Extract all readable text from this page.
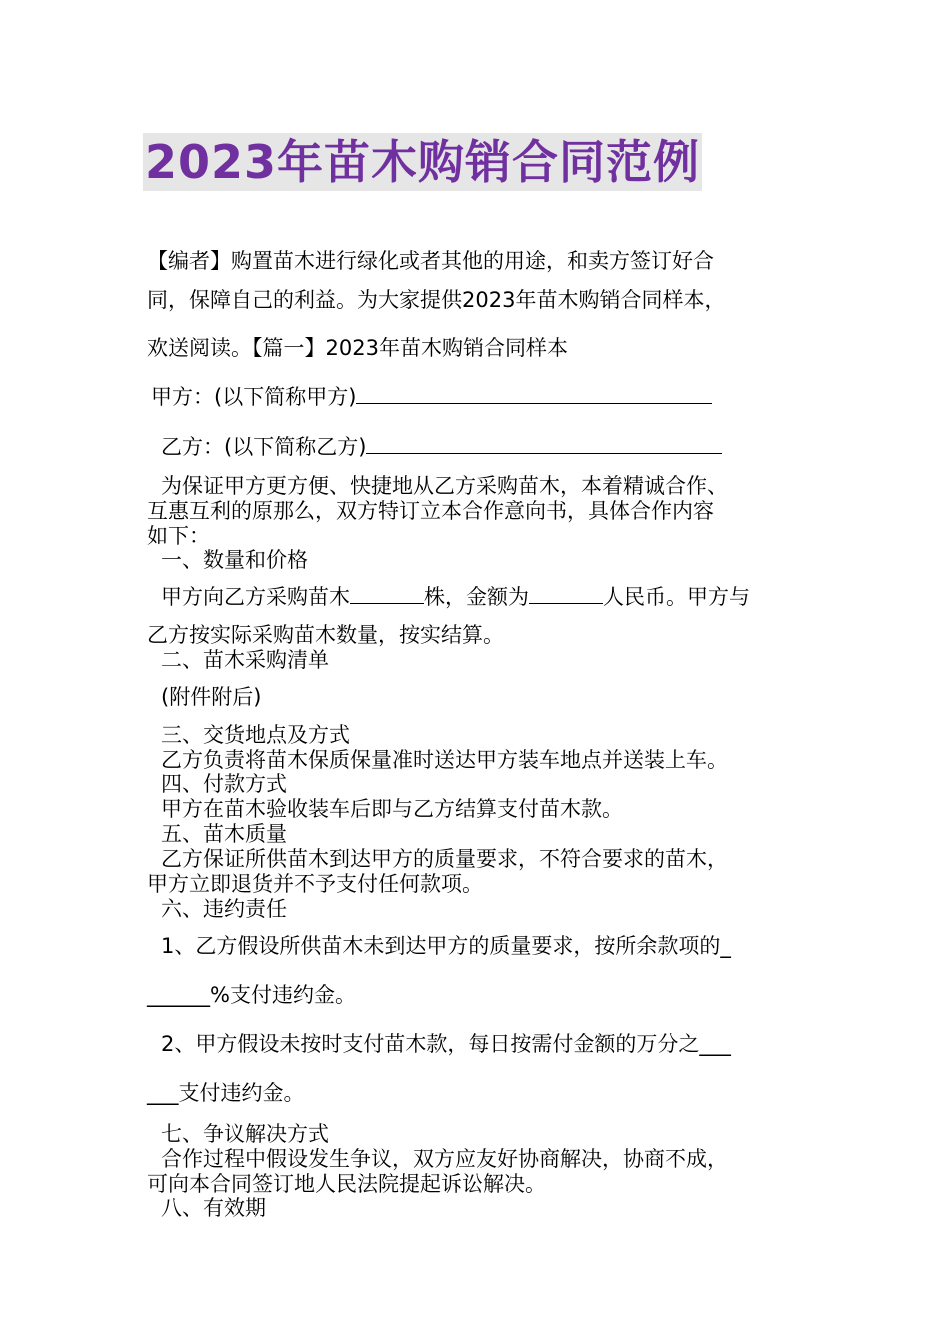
2023年苗木购销合同范例
【编者】购置苗木进行绿化或者其他的用途，和卖方签订好合
同，保障自己的利益。为大家提供2023年苗木购销合同样本，
欢送阅读。【篇一】2023年苗木购销合同样本
甲方：(以下简称甲方)
乙方：(以下简称乙方)
为保证甲方更方便、快捷地从乙方采购苗木，本着精诚合作、
互惠互利的原那么，双方特订立本合作意向书，具体合作内容
如下：
一、数量和价格
甲方向乙方采购苗木	株，金额为	人民币。甲方与
乙方按实际采购苗木数量，按实结算。
二、苗木采购清单
(附件附后)
三、交货地点及方式
乙方负责将苗木保质保量准时送达甲方装车地点并送装上车。
四、付款方式
甲方在苗木验收装车后即与乙方结算支付苗木款。
五、苗木质量
乙方保证所供苗木到达甲方的质量要求，不符合要求的苗木，
甲方立即退货并不予支付任何款项。
六、违约责任
1、乙方假设所供苗木未到达甲方的质量要求，按所余款项的_
______%支付违约金。
2、甲方假设未按时支付苗木款，每日按需付金额的万分之___
___支付违约金。
七、争议解决方式
合作过程中假设发生争议，双方应友好协商解决，协商不成，
可向本合同签订地人民法院提起诉讼解决。
八、有效期
